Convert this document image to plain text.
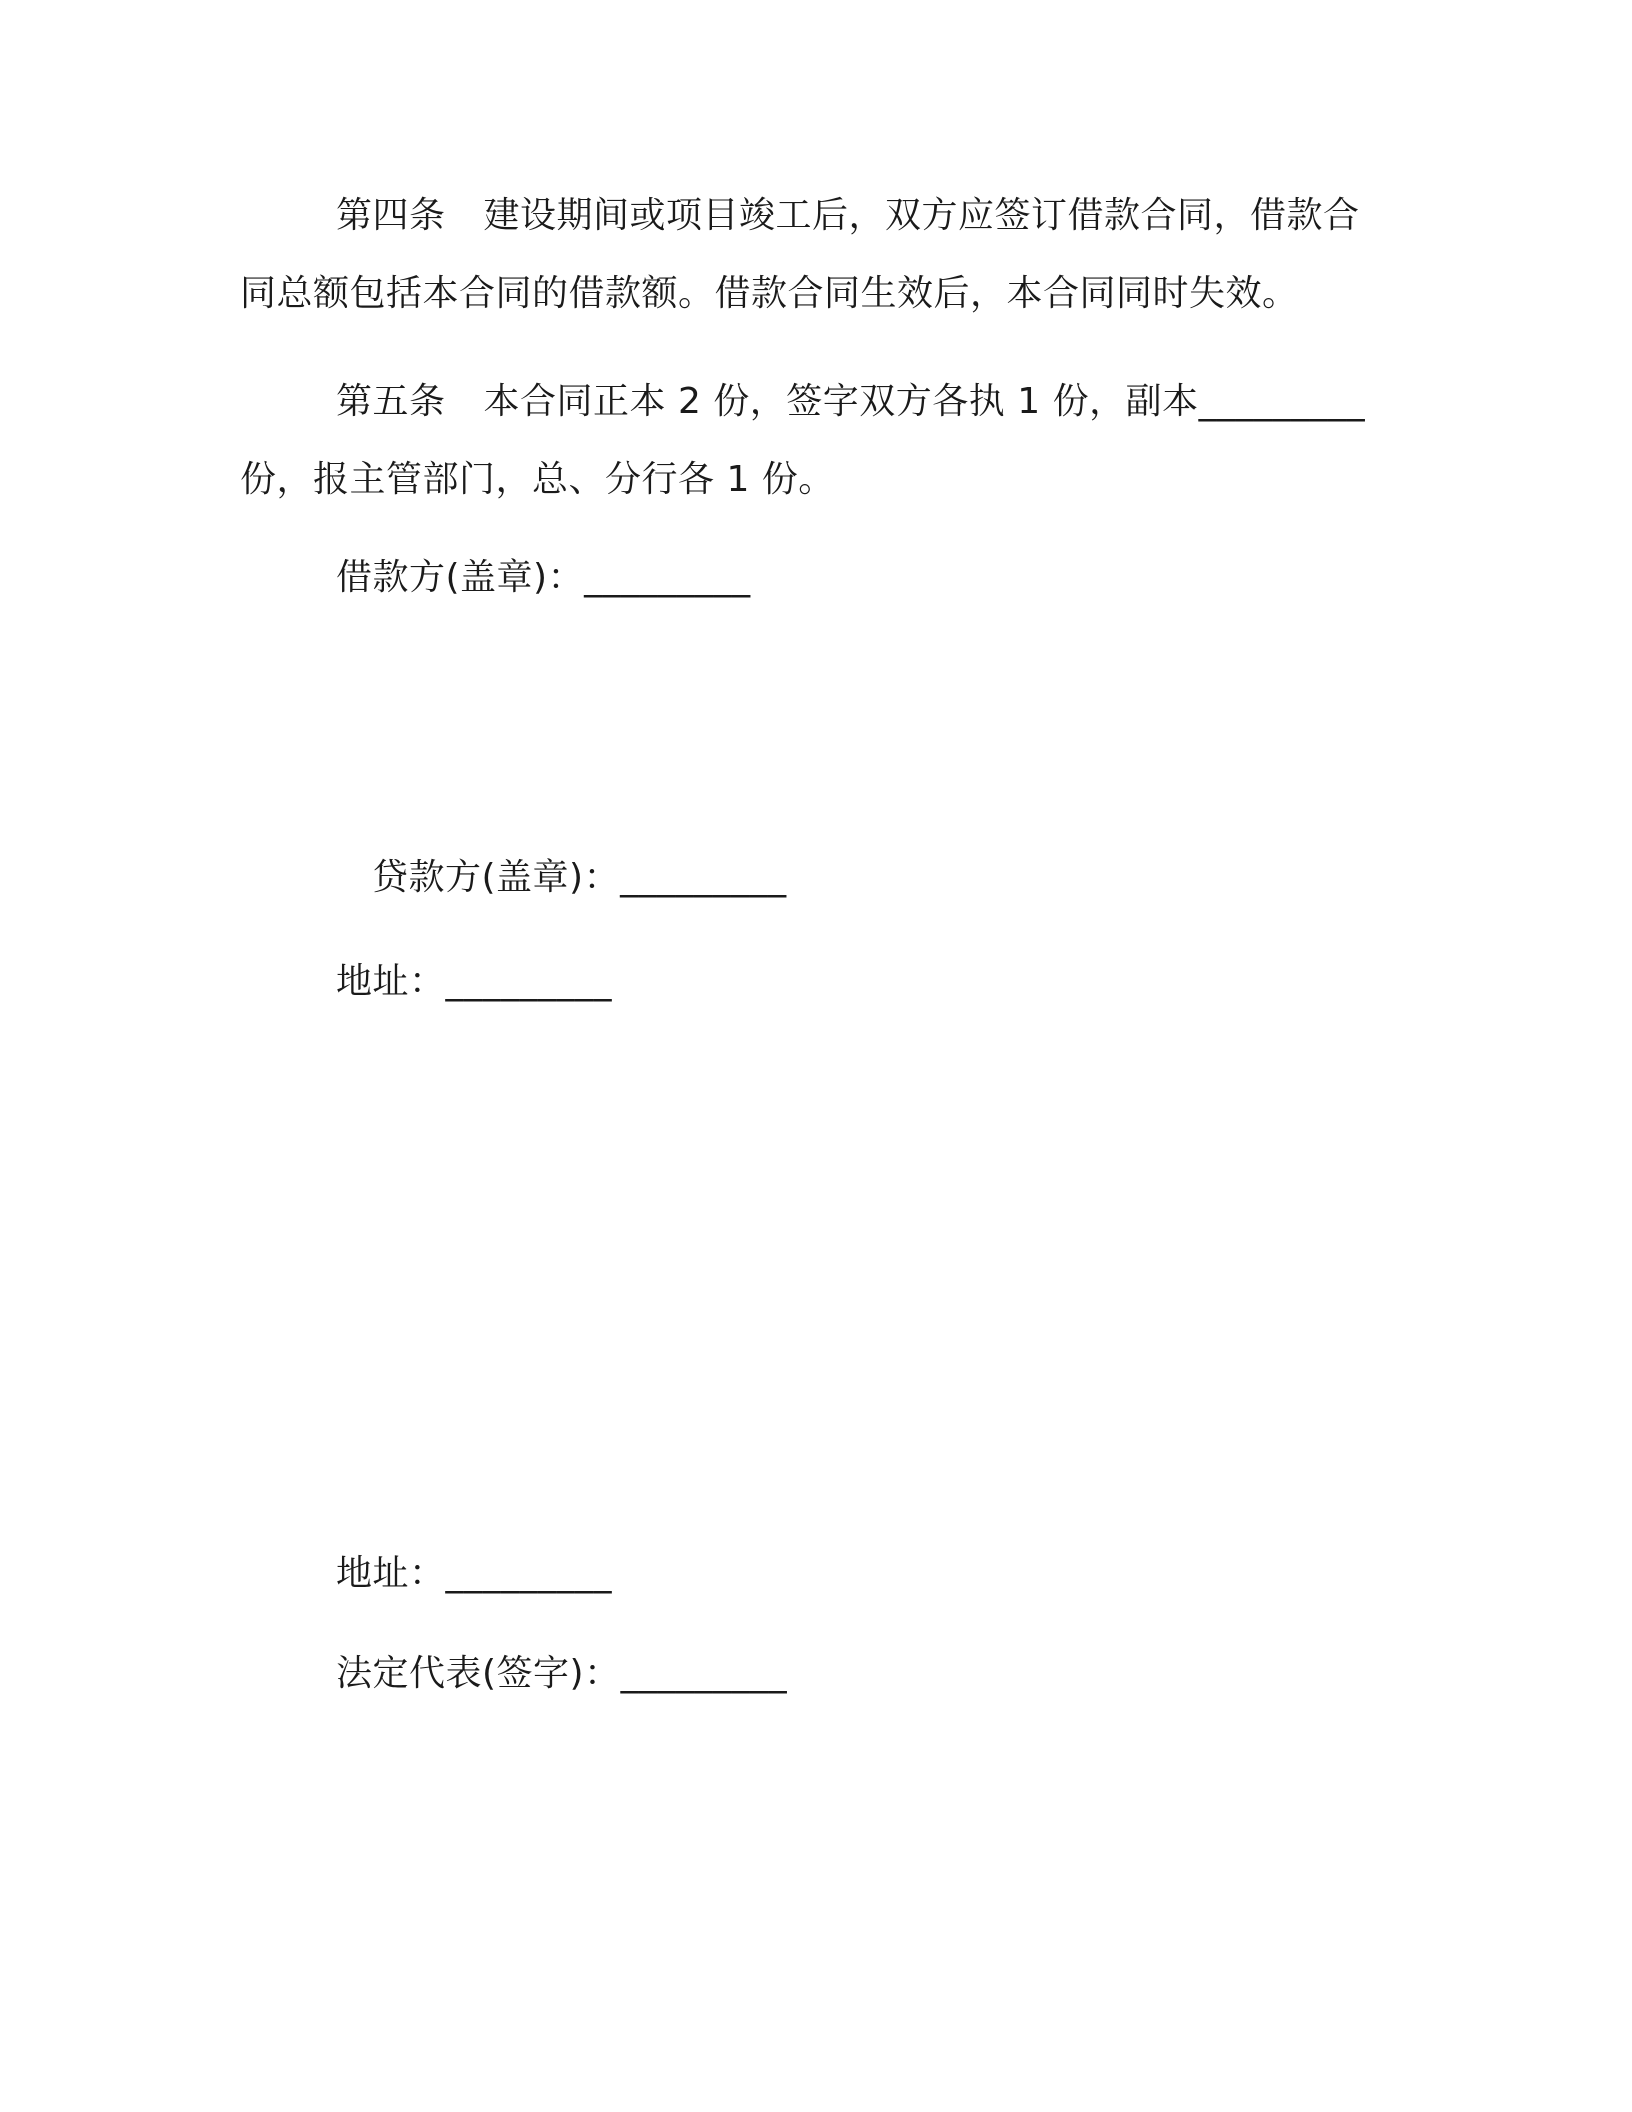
第四条 建设期间或项目竣工后，双方应签订借款合同，借款合同总额包括本合同的借款额。借款合同生效后，本合同同时失效。

第五条 本合同正本 2 份，签字双方各执 1 份，副本_________份，报主管部门，总、分行各 1 份。

借款方(盖章)：_________
贷款方(盖章)：_________
地址：_________
地址：_________
法定代表(签字)：_________
